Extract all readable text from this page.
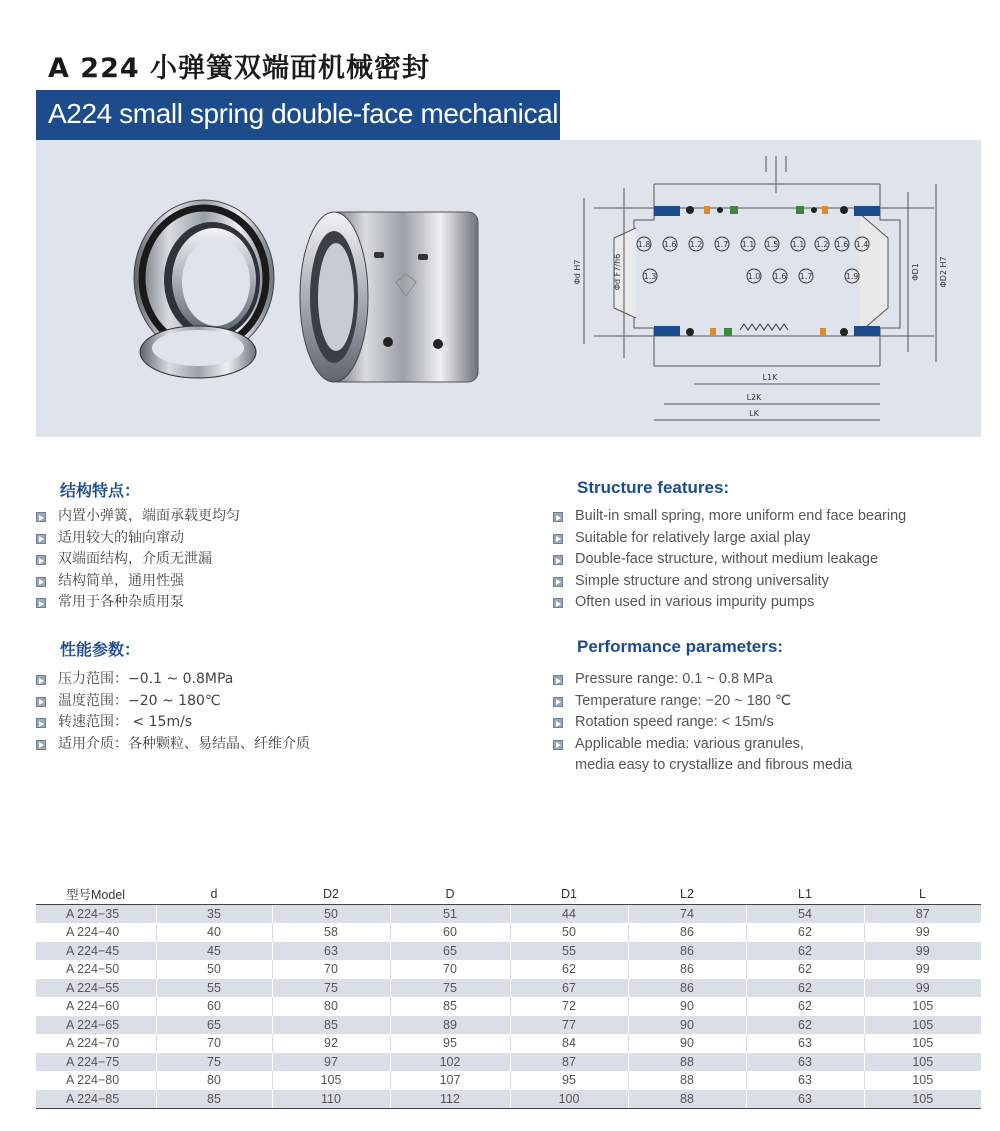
A 224 小弹簧双端面机械密封
A224 small spring double-face mechanical seal
1.8 1.6 1.2 1.7 1.1 1.5 1.1 1.2 1.6 1.4
1.3	1.0 1.6 1.7	1.9
L1K
L2K
LK
Φd H7	Φd F7/h6	ΦD1 ΦD2 H7
结构特点：
内置小弹簧，端面承载更均匀
适用较大的轴向窜动
双端面结构，介质无泄漏
结构简单，通用性强
常用于各种杂质用泵
Structure features:
Built-in small spring, more uniform end face bearing
Suitable for relatively large axial play
Double-face structure, without medium leakage
Simple structure and strong universality
Often used in various impurity pumps
性能参数：
压力范围：−0.1 ~ 0.8MPa
温度范围：−20 ~ 180℃
转速范围： < 15m/s
适用介质：各种颗粒、易结晶、纤维介质
Performance parameters:
Pressure range: 0.1 ~ 0.8 MPa
Temperature range: −20 ~ 180 ℃
Rotation speed range: < 15m/s
Applicable media: various granules,
media easy to crystallize and fibrous media
型号Model	d	D2	D	D1	L2	L1	L
A 224−35	35	50	51	44	74	54	87
A 224−40	40	58	60	50	86	62	99
A 224−45	45	63	65	55	86	62	99
A 224−50	50	70	70	62	86	62	99
A 224−55	55	75	75	67	86	62	99
A 224−60	60	80	85	72	90	62	105
A 224−65	65	85	89	77	90	62	105
A 224−70	70	92	95	84	90	63	105
A 224−75	75	97	102	87	88	63	105
A 224−80	80	105	107	95	88	63	105
A 224−85	85	110	112	100	88	63	105
